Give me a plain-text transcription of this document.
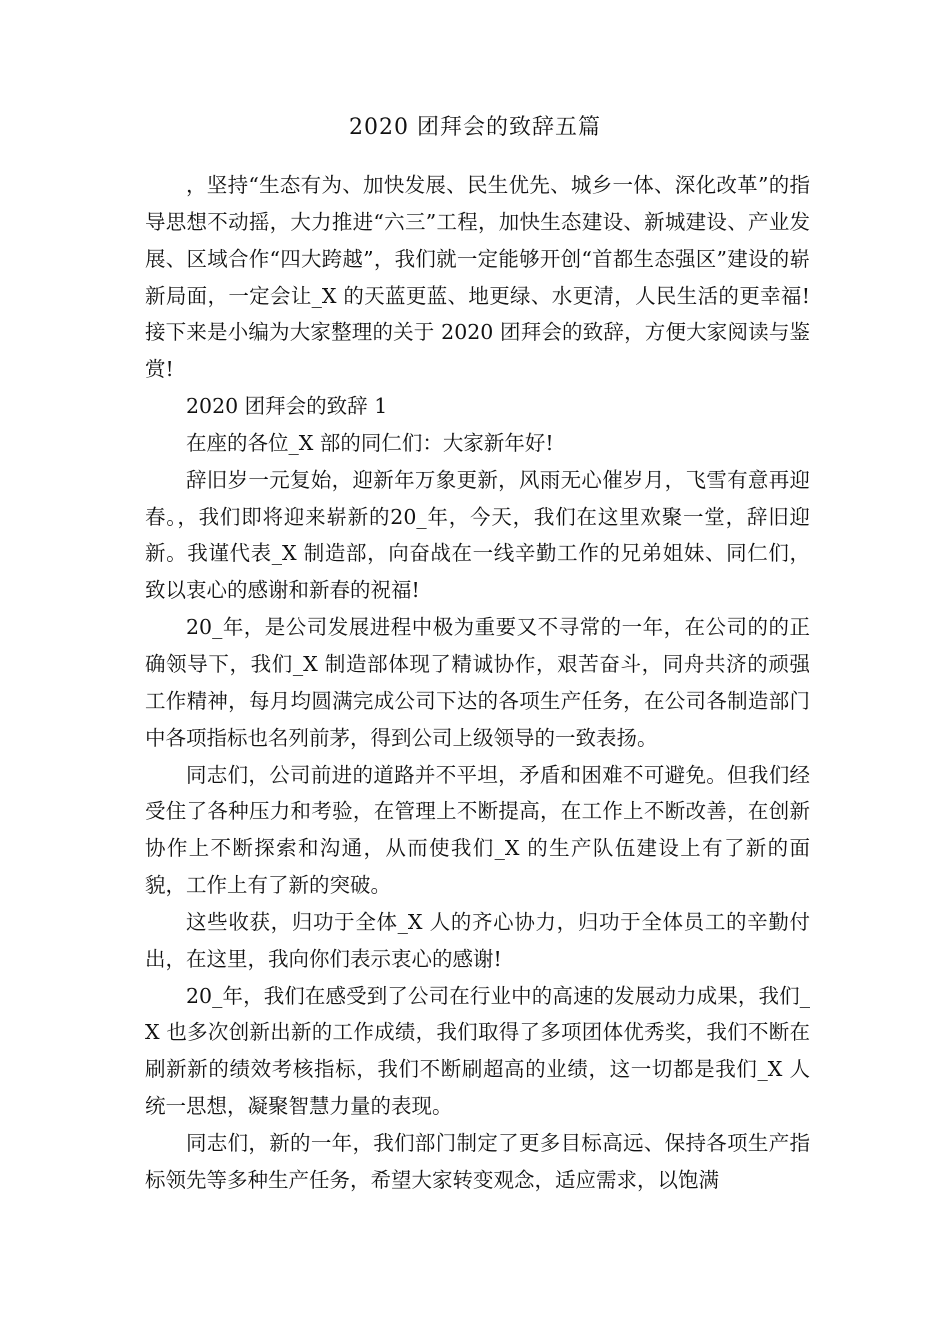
2020 团拜会的致辞五篇

，坚持“生态有为、加快发展、民生优先、城乡一体、深化改革”的指导思想不动摇，大力推进“六三”工程，加快生态建设、新城建设、产业发展、区域合作“四大跨越”，我们就一定能够开创“首都生态强区”建设的崭新局面，一定会让_X 的天蓝更蓝、地更绿、水更清，人民生活的更幸福!接下来是小编为大家整理的关于 2020 团拜会的致辞，方便大家阅读与鉴赏!

2020 团拜会的致辞 1

在座的各位_X 部的同仁们：大家新年好!

辞旧岁一元复始，迎新年万象更新，风雨无心催岁月，飞雪有意再迎春。，我们即将迎来崭新的20_年，今天，我们在这里欢聚一堂，辞旧迎新。我谨代表_X 制造部，向奋战在一线辛勤工作的兄弟姐妹、同仁们，致以衷心的感谢和新春的祝福!

20_年，是公司发展进程中极为重要又不寻常的一年，在公司的的正确领导下，我们_X 制造部体现了精诚协作，艰苦奋斗，同舟共济的顽强工作精神，每月均圆满完成公司下达的各项生产任务，在公司各制造部门中各项指标也名列前茅，得到公司上级领导的一致表扬。

同志们，公司前进的道路并不平坦，矛盾和困难不可避免。但我们经受住了各种压力和考验，在管理上不断提高，在工作上不断改善，在创新协作上不断探索和沟通，从而使我们_X 的生产队伍建设上有了新的面貌，工作上有了新的突破。

这些收获，归功于全体_X 人的齐心协力，归功于全体员工的辛勤付出，在这里，我向你们表示衷心的感谢!

20_年，我们在感受到了公司在行业中的高速的发展动力成果，我们_X 也多次创新出新的工作成绩，我们取得了多项团体优秀奖，我们不断在刷新新的绩效考核指标，我们不断刷超高的业绩，这一切都是我们_X 人统一思想，凝聚智慧力量的表现。

同志们，新的一年，我们部门制定了更多目标高远、保持各项生产指标领先等多种生产任务，希望大家转变观念，适应需求，以饱满
